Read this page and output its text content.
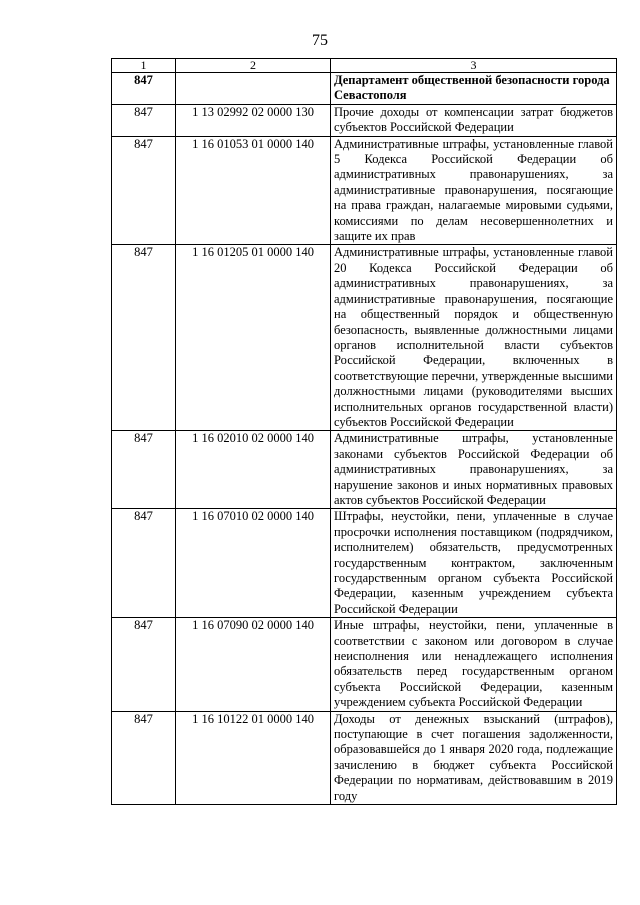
75
1	2	3
847		Департамент общественной безопасности города Севастополя
847	1 13 02992 02 0000 130	Прочие доходы от компенсации затрат бюджетов субъектов Российской Федерации
847	1 16 01053 01 0000 140	Административные штрафы, установленные главой 5 Кодекса Российской Федерации об административных правонарушениях, за административные правонарушения, посягающие на права граждан, налагаемые мировыми судьями, комиссиями по делам несовершеннолетних и защите их прав
847	1 16 01205 01 0000 140	Административные штрафы, установленные главой 20 Кодекса Российской Федерации об административных правонарушениях, за административные правонарушения, посягающие на общественный порядок и общественную безопасность, выявленные должностными лицами органов исполнительной власти субъектов Российской Федерации, включенных в соответствующие перечни, утвержденные высшими должностными лицами (руководителями высших исполнительных органов государственной власти) субъектов Российской Федерации
847	1 16 02010 02 0000 140	Административные штрафы, установленные законами субъектов Российской Федерации об административных правонарушениях, за нарушение законов и иных нормативных правовых актов субъектов Российской Федерации
847	1 16 07010 02 0000 140	Штрафы, неустойки, пени, уплаченные в случае просрочки исполнения поставщиком (подрядчиком, исполнителем) обязательств, предусмотренных государственным контрактом, заключенным государственным органом субъекта Российской Федерации, казенным учреждением субъекта Российской Федерации
847	1 16 07090 02 0000 140	Иные штрафы, неустойки, пени, уплаченные в соответствии с законом или договором в случае неисполнения или ненадлежащего исполнения обязательств перед государственным органом субъекта Российской Федерации, казенным учреждением субъекта Российской Федерации
847	1 16 10122 01 0000 140	Доходы от денежных взысканий (штрафов), поступающие в счет погашения задолженности, образовавшейся до 1 января 2020 года, подлежащие зачислению в бюджет субъекта Российской Федерации по нормативам, действовавшим в 2019 году
